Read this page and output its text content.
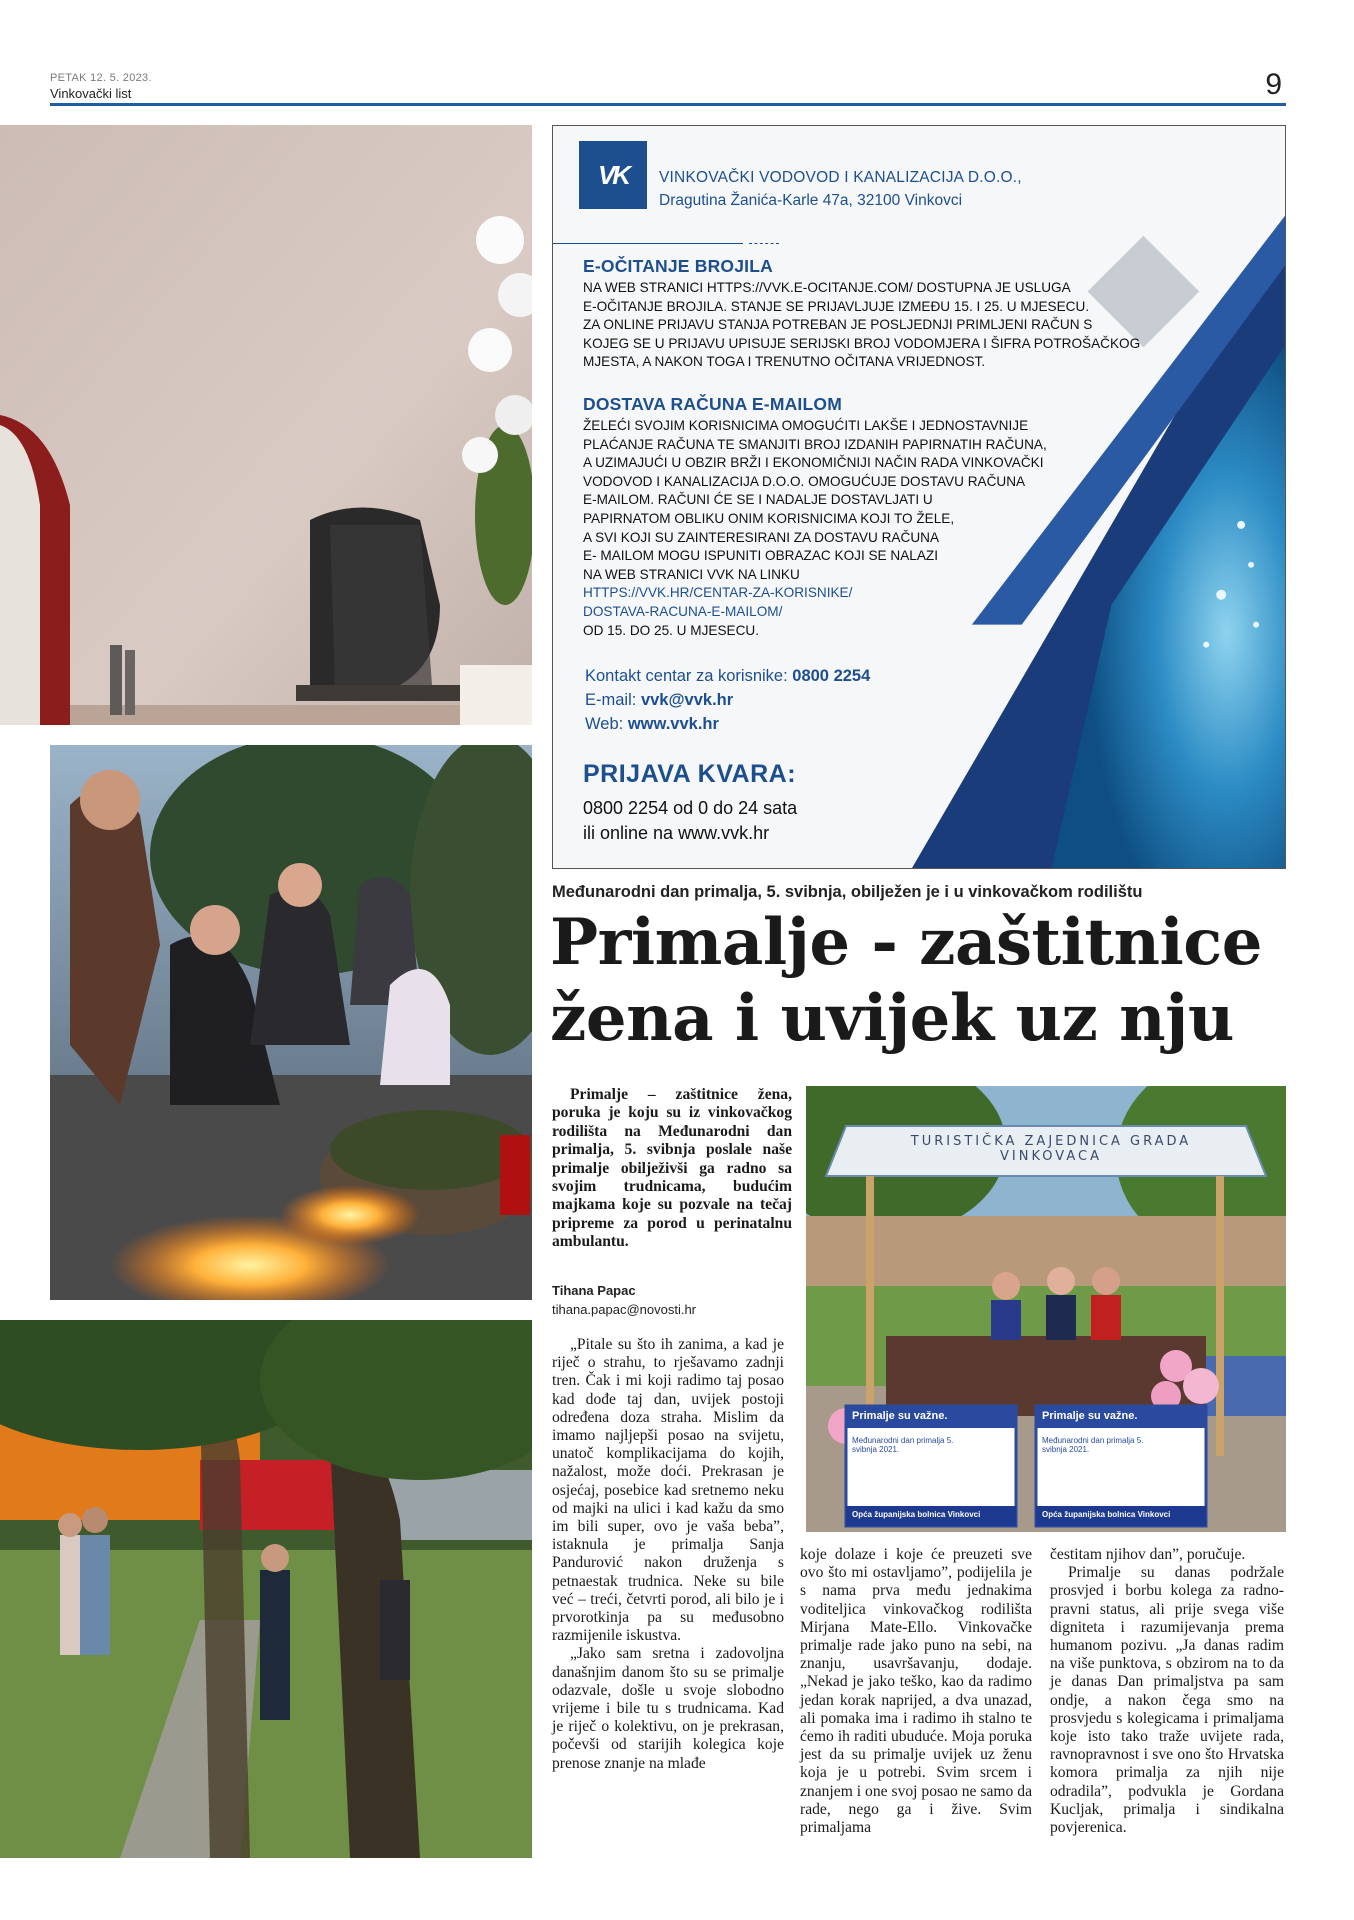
PETAK 12. 5. 2023.
Vinkovački list	9
VK	VINKOVAČKI VODOVOD I KANALIZACIJA D.O.O.,
Dragutina Žanića-Karle 47a, 32100 Vinkovci
E-OČITANJE BROJILA
NA WEB STRANICI HTTPS://VVK.E-OCITANJE.COM/ DOSTUPNA JE USLUGA
E-OČITANJE BROJILA. STANJE SE PRIJAVLJUJE IZMEĐU 15. I 25. U MJESECU.
ZA ONLINE PRIJAVU STANJA POTREBAN JE POSLJEDNJI PRIMLJENI RAČUN S
KOJEG SE U PRIJAVU UPISUJE SERIJSKI BROJ VODOMJERA I ŠIFRA POTROŠAČKOG
MJESTA, A NAKON TOGA I TRENUTNO OČITANA VRIJEDNOST.
DOSTAVA RAČUNA E-MAILOM
ŽELEĆI SVOJIM KORISNICIMA OMOGUĆITI LAKŠE I JEDNOSTAVNIJE
PLAĆANJE RAČUNA TE SMANJITI BROJ IZDANIH PAPIRNATIH RAČUNA,
A UZIMAJUĆI U OBZIR BRŽI I EKONOMIČNIJI NAČIN RADA VINKOVAČKI
VODOVOD I KANALIZACIJA D.O.O. OMOGUĆUJE DOSTAVU RAČUNA
E-MAILOM. RAČUNI ĆE SE I NADALJE DOSTAVLJATI U
PAPIRNATOM OBLIKU ONIM KORISNICIMA KOJI TO ŽELE,
A SVI KOJI SU ZAINTERESIRANI ZA DOSTAVU RAČUNA
E- MAILOM MOGU ISPUNITI OBRAZAC KOJI SE NALAZI
NA WEB STRANICI VVK NA LINKU
HTTPS://VVK.HR/CENTAR-ZA-KORISNIKE/
DOSTAVA-RACUNA-E-MAILOM/
OD 15. DO 25. U MJESECU.
Kontakt centar za korisnike: 0800 2254
E-mail: vvk@vvk.hr
Web: www.vvk.hr
PRIJAVA KVARA:
0800 2254 od 0 do 24 sata
ili online na www.vvk.hr
Međunarodni dan primalja, 5. svibnja, obilježen je i u vinkovačkom rodilištu
Primalje - zaštitnice
žena i uvijek uz nju
Primalje – zaštitnice žena, poruka je koju su iz vinkovačkog rodilišta na Međunarodni dan primalja, 5. svibnja poslale naše primalje obilježivši ga radno sa svojim trudnicama, budućim majkama koje su pozvale na tečaj pripreme za porod u perinatalnu ambulantu.
Tihana Papac
tihana.papac@novosti.hr
TURISTIČKA ZAJEDNICA GRADA VINKOVACA
Primalje su važne.
Međunarodni dan primalja 5. svibnja 2021.
Opća županijska bolnica Vinkovci
Primalje su važne.
Međunarodni dan primalja 5. svibnja 2021.
Opća županijska bolnica Vinkovci

„Pitale su što ih zanima, a kad je riječ o strahu, to rješavamo zadnji tren. Čak i mi koji radimo taj posao kad dođe taj dan, uvijek postoji određena doza straha. Mislim da imamo najljepši posao na svijetu, unatoč komplikacijama do kojih, nažalost, može doći. Prekrasan je osjećaj, posebice kad sretnemo neku od majki na ulici i kad kažu da smo im bili super, ovo je vaša beba”, istaknula je primalja Sanja Pandurović nakon druženja s petnaestak trudnica. Neke su bile već – treći, četvrti porod, ali bilo je i prvorotkinja pa su međusobno razmijenile iskustva.

„Jako sam sretna i zadovoljna današnjim danom što su se primalje odazvale, došle u svoje slobodno vrijeme i bile tu s trudnicama. Kad je riječ o kolektivu, on je prekrasan, počevši od starijih kolegica koje prenose znanje na mlađe

koje dolaze i koje će preuzeti sve ovo što mi ostavljamo”, podijelila je s nama prva među jednakima voditeljica vinkovačkog rodilišta Mirjana Mate-Ello. Vinkovačke primalje rade jako puno na sebi, na znanju, usavršavanju, dodaje. „Nekad je jako teško, kao da radimo jedan korak naprijed, a dva unazad, ali pomaka ima i radimo ih stalno te ćemo ih raditi ubuduće. Moja poruka jest da su primalje uvijek uz ženu koja je u potrebi. Svim srcem i znanjem i one svoj posao ne samo da rade, nego ga i žive. Svim primaljama

čestitam njihov dan”, poručuje.

Primalje su danas podržale prosvjed i borbu kolega za radno-pravni status, ali prije svega više digniteta i razumijevanja prema humanom pozivu. „Ja danas radim na više punktova, s obzirom na to da je danas Dan primaljstva pa sam ondje, a nakon čega smo na prosvjedu s kolegicama i primaljama koje isto tako traže uvijete rada, ravnopravnost i sve ono što Hrvatska komora primalja za njih nije odradila”, podvukla je Gordana Kucljak, primalja i sindikalna povjerenica.
